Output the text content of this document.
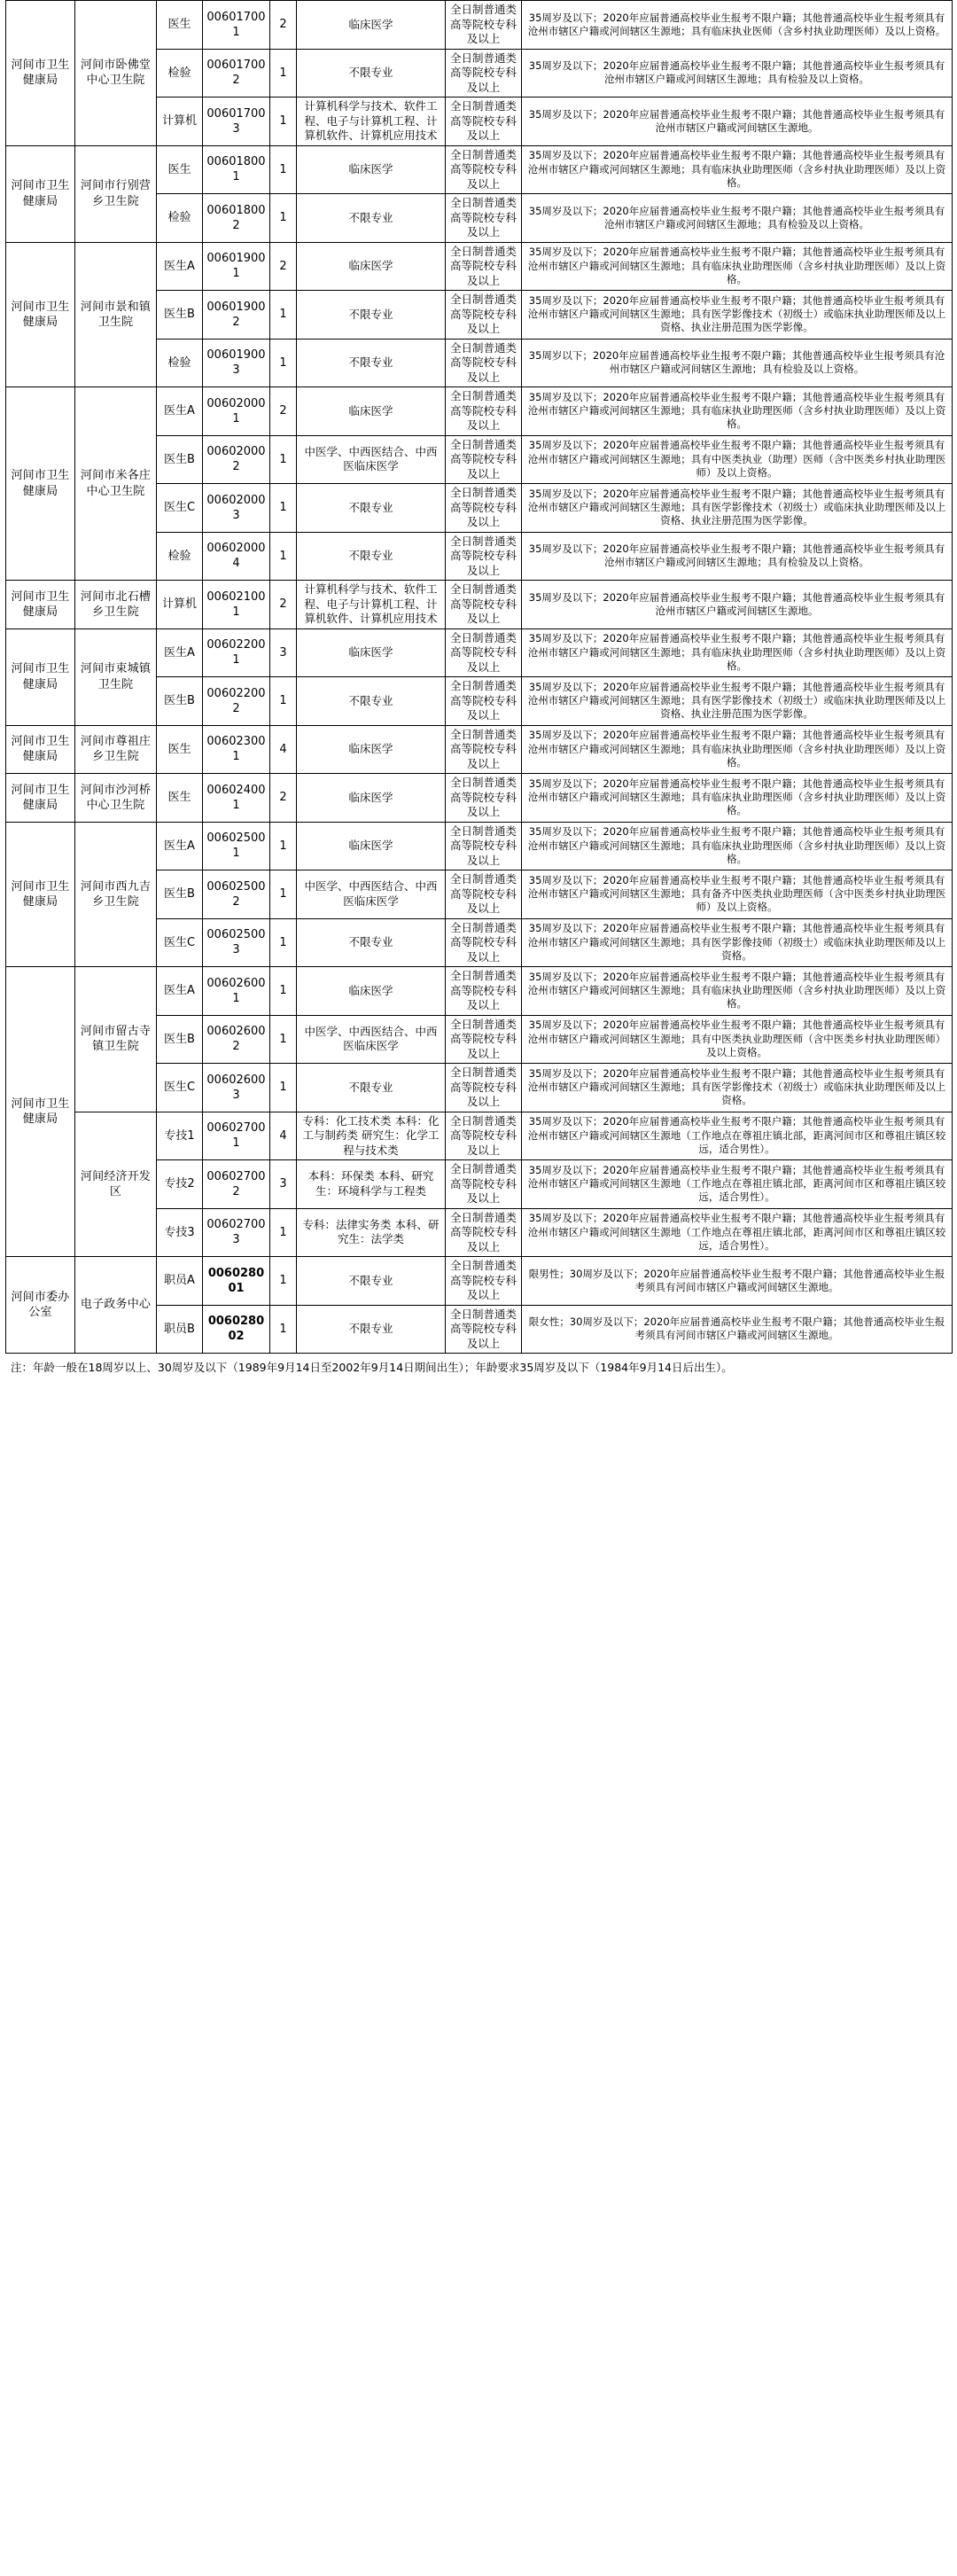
河间市卫生健康局	河间市卧佛堂中心卫生院	医生	006017001	2	临床医学	全日制普通类高等院校专科及以上	35周岁及以下；2020年应届普通高校毕业生报考不限户籍；其他普通高校毕业生报考须具有沧州市辖区户籍或河间辖区生源地；具有临床执业医师（含乡村执业助理医师）及以上资格。
		检验	006017002	1	不限专业	全日制普通类高等院校专科及以上	35周岁及以下；2020年应届普通高校毕业生报考不限户籍；其他普通高校毕业生报考须具有沧州市辖区户籍或河间辖区生源地；具有检验及以上资格。
		计算机	006017003	1	计算机科学与技术、软件工程、电子与计算机工程、计算机软件、计算机应用技术	全日制普通类高等院校专科及以上	35周岁及以下；2020年应届普通高校毕业生报考不限户籍；其他普通高校毕业生报考须具有沧州市辖区户籍或河间辖区生源地。
河间市卫生健康局	河间市行别营乡卫生院	医生	006018001	1	临床医学	全日制普通类高等院校专科及以上	35周岁及以下；2020年应届普通高校毕业生报考不限户籍；其他普通高校毕业生报考须具有沧州市辖区户籍或河间辖区生源地；具有临床执业助理医师（含乡村执业助理医师）及以上资格。
		检验	006018002	1	不限专业	全日制普通类高等院校专科及以上	35周岁及以下；2020年应届普通高校毕业生报考不限户籍；其他普通高校毕业生报考须具有沧州市辖区户籍或河间辖区生源地；具有检验及以上资格。
河间市卫生健康局	河间市景和镇卫生院	医生A	006019001	2	临床医学	全日制普通类高等院校专科及以上	35周岁及以下；2020年应届普通高校毕业生报考不限户籍；其他普通高校毕业生报考须具有沧州市辖区户籍或河间辖区生源地；具有临床执业助理医师（含乡村执业助理医师）及以上资格。
		医生B	006019002	1	不限专业	全日制普通类高等院校专科及以上	35周岁及以下；2020年应届普通高校毕业生报考不限户籍；其他普通高校毕业生报考须具有沧州市辖区户籍或河间辖区生源地；具有医学影像技术（初级士）或临床执业助理医师及以上资格、执业注册范围为医学影像。
		检验	006019003	1	不限专业	全日制普通类高等院校专科及以上	35周岁以下；2020年应届普通高校毕业生报考不限户籍；其他普通高校毕业生报考须具有沧州市辖区户籍或河间辖区生源地；具有检验及以上资格。
河间市卫生健康局	河间市米各庄中心卫生院	医生A	006020001	2	临床医学	全日制普通类高等院校专科及以上	35周岁及以下；2020年应届普通高校毕业生报考不限户籍；其他普通高校毕业生报考须具有沧州市辖区户籍或河间辖区生源地；具有临床执业助理医师（含乡村执业助理医师）及以上资格。
		医生B	006020002	1	中医学、中西医结合、中西医临床医学	全日制普通类高等院校专科及以上	35周岁及以下；2020年应届普通高校毕业生报考不限户籍；其他普通高校毕业生报考须具有沧州市辖区户籍或河间辖区生源地；具有中医类执业（助理）医师（含中医类乡村执业助理医师）及以上资格。
		医生C	006020003	1	不限专业	全日制普通类高等院校专科及以上	35周岁及以下；2020年应届普通高校毕业生报考不限户籍；其他普通高校毕业生报考须具有沧州市辖区户籍或河间辖区生源地；具有医学影像技术（初级士）或临床执业助理医师及以上资格、执业注册范围为医学影像。
		检验	006020004	1	不限专业	全日制普通类高等院校专科及以上	35周岁及以下；2020年应届普通高校毕业生报考不限户籍；其他普通高校毕业生报考须具有沧州市辖区户籍或河间辖区生源地；具有检验及以上资格。
河间市卫生健康局	河间市北石槽乡卫生院	计算机	006021001	2	计算机科学与技术、软件工程、电子与计算机工程、计算机软件、计算机应用技术	全日制普通类高等院校专科及以上	35周岁及以下；2020年应届普通高校毕业生报考不限户籍；其他普通高校毕业生报考须具有沧州市辖区户籍或河间辖区生源地。
河间市卫生健康局	河间市束城镇卫生院	医生A	006022001	3	临床医学	全日制普通类高等院校专科及以上	35周岁及以下；2020年应届普通高校毕业生报考不限户籍；其他普通高校毕业生报考须具有沧州市辖区户籍或河间辖区生源地；具有临床执业助理医师（含乡村执业助理医师）及以上资格。
		医生B	006022002	1	不限专业	全日制普通类高等院校专科及以上	35周岁及以下；2020年应届普通高校毕业生报考不限户籍；其他普通高校毕业生报考须具有沧州市辖区户籍或河间辖区生源地；具有医学影像技术（初级士）或临床执业助理医师及以上资格、执业注册范围为医学影像。
河间市卫生健康局	河间市尊祖庄乡卫生院	医生	006023001	4	临床医学	全日制普通类高等院校专科及以上	35周岁及以下；2020年应届普通高校毕业生报考不限户籍；其他普通高校毕业生报考须具有沧州市辖区户籍或河间辖区生源地；具有临床执业助理医师（含乡村执业助理医师）及以上资格。
河间市卫生健康局	河间市沙河桥中心卫生院	医生	006024001	2	临床医学	全日制普通类高等院校专科及以上	35周岁及以下；2020年应届普通高校毕业生报考不限户籍；其他普通高校毕业生报考须具有沧州市辖区户籍或河间辖区生源地；具有临床执业助理医师（含乡村执业助理医师）及以上资格。
河间市卫生健康局	河间市西九吉乡卫生院	医生A	006025001	1	临床医学	全日制普通类高等院校专科及以上	35周岁及以下；2020年应届普通高校毕业生报考不限户籍；其他普通高校毕业生报考须具有沧州市辖区户籍或河间辖区生源地；具有临床执业助理医师（含乡村执业助理医师）及以上资格。
		医生B	006025002	1	中医学、中西医结合、中西医临床医学	全日制普通类高等院校专科及以上	35周岁及以下；2020年应届普通高校毕业生报考不限户籍；其他普通高校毕业生报考须具有沧州市辖区户籍或河间辖区生源地；具有备齐中医类执业助理医师（含中医类乡村执业助理医师）及以上资格。
		医生C	006025003	1	不限专业	全日制普通类高等院校专科及以上	35周岁及以下；2020年应届普通高校毕业生报考不限户籍；其他普通高校毕业生报考须具有沧州市辖区户籍或河间辖区生源地；具有医学影像技师（初级士）或临床执业助理医师及以上资格。
河间市卫生健康局	河间市留古寺镇卫生院	医生A	006026001	1	临床医学	全日制普通类高等院校专科及以上	35周岁及以下；2020年应届普通高校毕业生报考不限户籍；其他普通高校毕业生报考须具有沧州市辖区户籍或河间辖区生源地；具有临床执业助理医师（含乡村执业助理医师）及以上资格。
		医生B	006026002	1	中医学、中西医结合、中西医临床医学	全日制普通类高等院校专科及以上	35周岁及以下；2020年应届普通高校毕业生报考不限户籍；其他普通高校毕业生报考须具有沧州市辖区户籍或河间辖区生源地；具有中医类执业助理医师（含中医类乡村执业助理医师）及以上资格。
		医生C	006026003	1	不限专业	全日制普通类高等院校专科及以上	35周岁及以下；2020年应届普通高校毕业生报考不限户籍；其他普通高校毕业生报考须具有沧州市辖区户籍或河间辖区生源地；具有医学影像技术（初级士）或临床执业助理医师及以上资格。
	河间经济开发区	专技1	006027001	4	专科：化工技术类 本科：化工与制药类 研究生：化学工程与技术类	全日制普通类高等院校专科及以上	35周岁及以下；2020年应届普通高校毕业生报考不限户籍；其他普通高校毕业生报考须具有沧州市辖区户籍或河间辖区生源地（工作地点在尊祖庄镇北部，距离河间市区和尊祖庄镇区较远，适合男性）。
		专技2	006027002	3	本科：环保类 本科、研究生：环境科学与工程类	全日制普通类高等院校专科及以上	35周岁及以下；2020年应届普通高校毕业生报考不限户籍；其他普通高校毕业生报考须具有沧州市辖区户籍或河间辖区生源地（工作地点在尊祖庄镇北部，距离河间市区和尊祖庄镇区较远，适合男性）。
		专技3	006027003	1	专科：法律实务类 本科、研究生：法学类	全日制普通类高等院校专科及以上	35周岁及以下；2020年应届普通高校毕业生报考不限户籍；其他普通高校毕业生报考须具有沧州市辖区户籍或河间辖区生源地（工作地点在尊祖庄镇北部，距离河间市区和尊祖庄镇区较远，适合男性）。
河间市委办公室	电子政务中心	职员A	006028001	1	不限专业	全日制普通类高等院校专科及以上	限男性；30周岁及以下；2020年应届普通高校毕业生报考不限户籍；其他普通高校毕业生报考须具有河间市辖区户籍或河间辖区生源地。
		职员B	006028002	1	不限专业	全日制普通类高等院校专科及以上	限女性；30周岁及以下；2020年应届普通高校毕业生报考不限户籍；其他普通高校毕业生报考须具有河间市辖区户籍或河间辖区生源地。
注：年龄一般在18周岁以上、30周岁及以下（1989年9月14日至2002年9月14日期间出生）；年龄要求35周岁及以下（1984年9月14日后出生）。
